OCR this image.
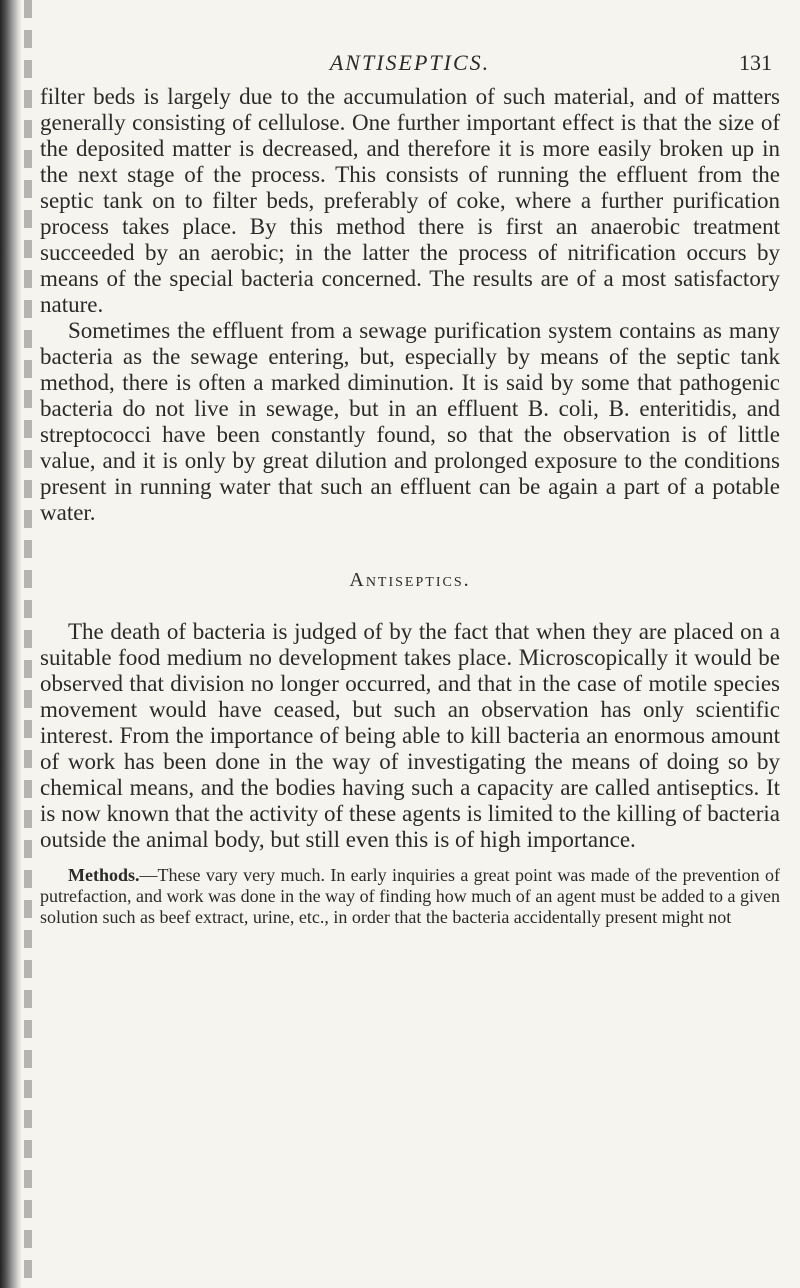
ANTISEPTICS.	131

filter beds is largely due to the accumulation of such material, and of matters generally consisting of cellulose. One further important effect is that the size of the deposited matter is decreased, and therefore it is more easily broken up in the next stage of the process. This consists of running the effluent from the septic tank on to filter beds, preferably of coke, where a further purification process takes place. By this method there is first an anaerobic treatment succeeded by an aerobic; in the latter the process of nitrification occurs by means of the special bacteria concerned. The results are of a most satisfactory nature.

Sometimes the effluent from a sewage purification system contains as many bacteria as the sewage entering, but, especially by means of the septic tank method, there is often a marked diminution. It is said by some that pathogenic bacteria do not live in sewage, but in an effluent B. coli, B. enteritidis, and streptococci have been constantly found, so that the observation is of little value, and it is only by great dilution and prolonged exposure to the conditions present in running water that such an effluent can be again a part of a potable water.

Antiseptics.

The death of bacteria is judged of by the fact that when they are placed on a suitable food medium no development takes place. Microscopically it would be observed that division no longer occurred, and that in the case of motile species movement would have ceased, but such an observation has only scientific interest. From the importance of being able to kill bacteria an enormous amount of work has been done in the way of investigating the means of doing so by chemical means, and the bodies having such a capacity are called antiseptics. It is now known that the activity of these agents is limited to the killing of bacteria outside the animal body, but still even this is of high importance.

Methods.—These vary very much. In early inquiries a great point was made of the prevention of putrefaction, and work was done in the way of finding how much of an agent must be added to a given solution such as beef extract, urine, etc., in order that the bacteria accidentally present might not
